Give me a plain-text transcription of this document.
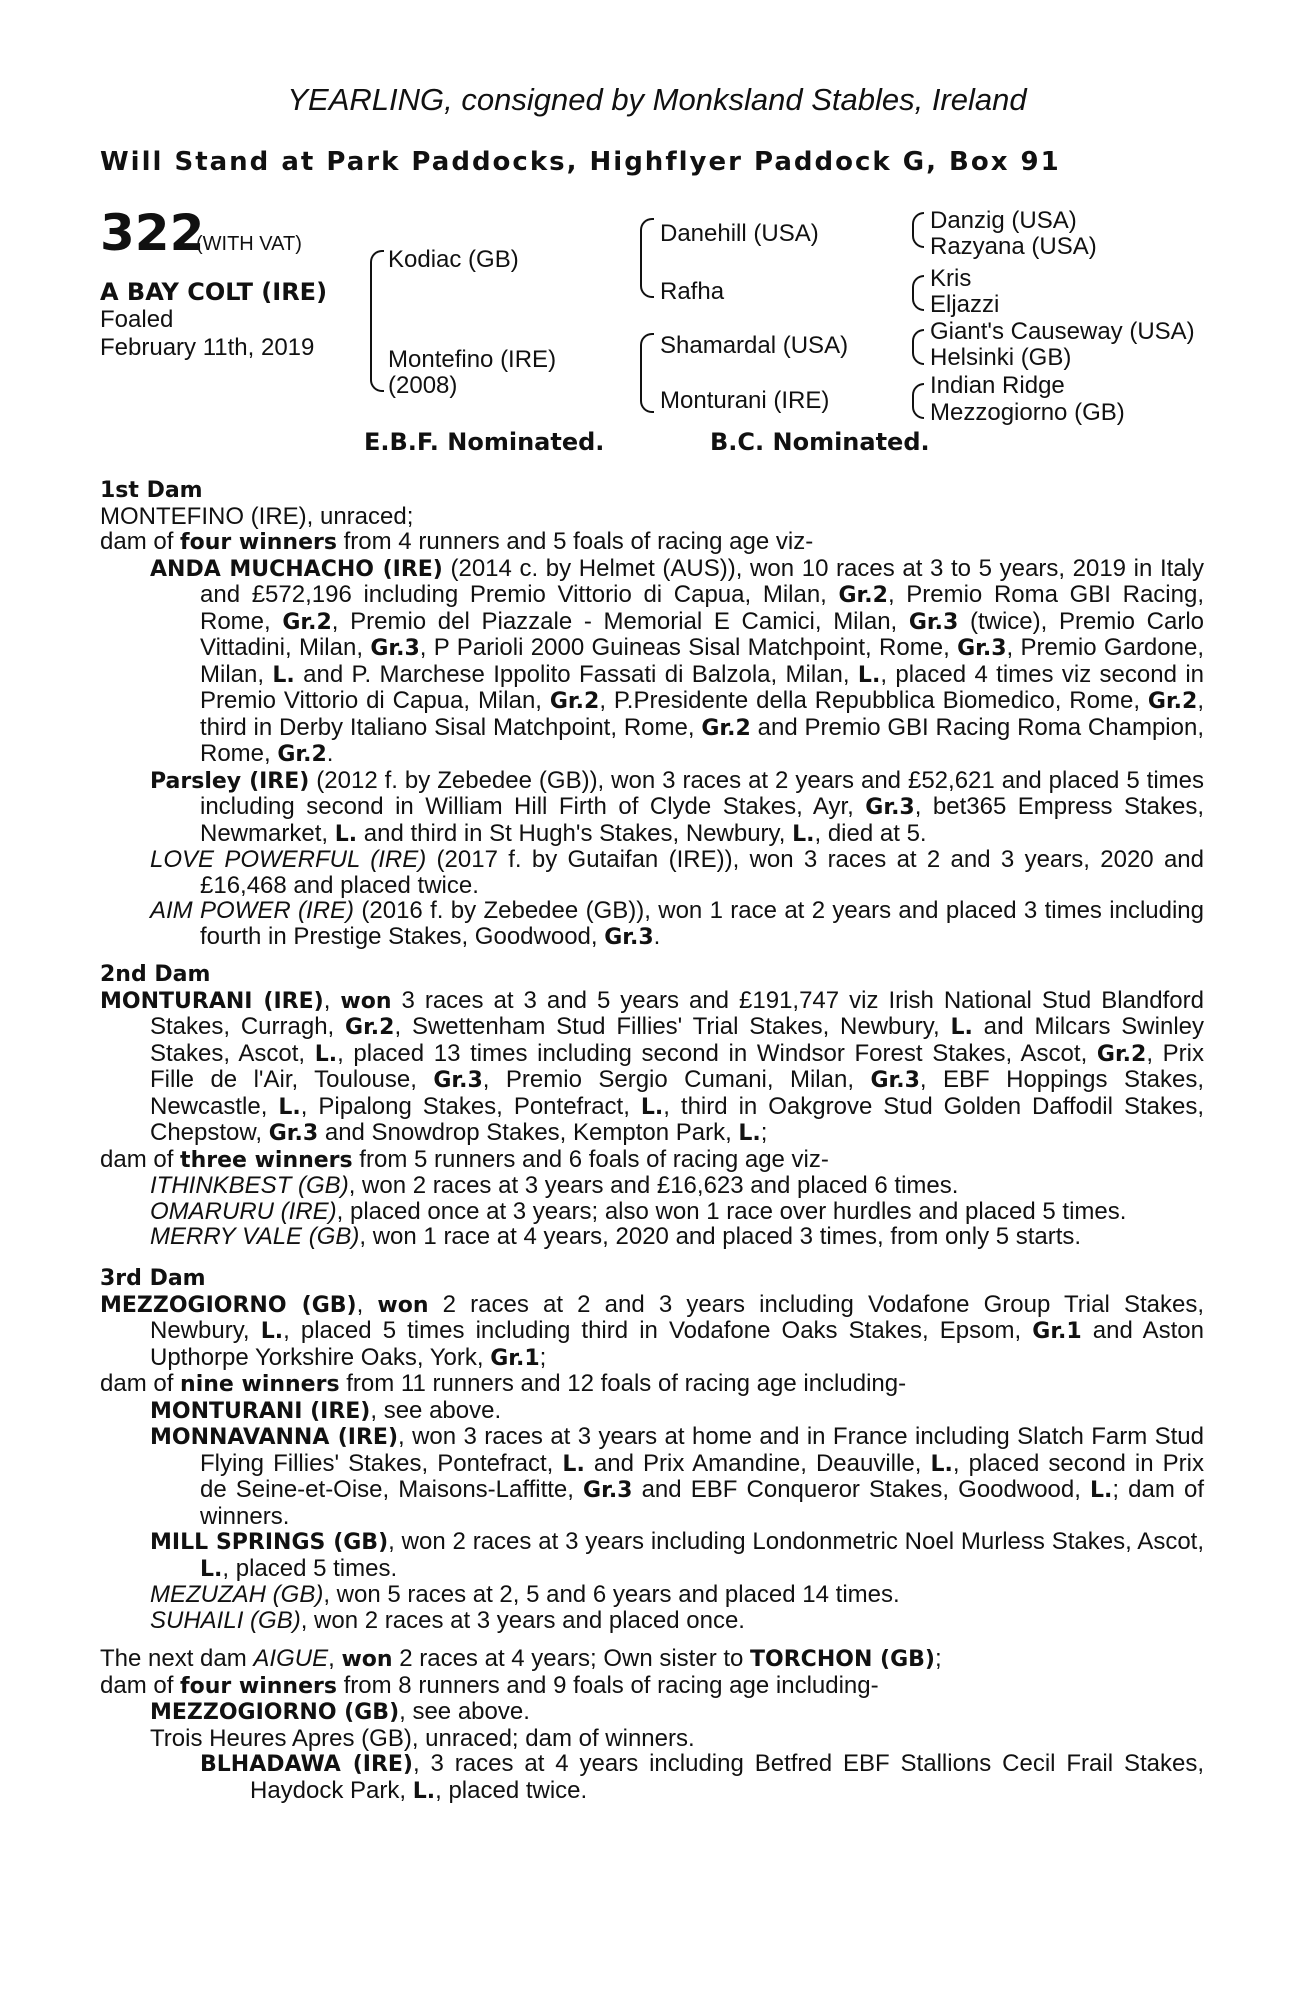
YEARLING, consigned by Monksland Stables, Ireland
Will Stand at Park Paddocks, Highflyer Paddock G, Box 91
322
(WITH VAT)
A BAY COLT (IRE)
Foaled
February 11th, 2019
Kodiac (GB)
Montefino (IRE)
(2008)
Danehill (USA)
Rafha
Shamardal (USA)
Monturani (IRE)
Danzig (USA)
Razyana (USA)
Kris
Eljazzi
Giant's Causeway (USA)
Helsinki (GB)
Indian Ridge
Mezzogiorno (GB)
E.B.F. Nominated.	B.C. Nominated.
1st Dam

MONTEFINO (IRE), unraced;

dam of four winners from 4 runners and 5 foals of racing age viz-

ANDA MUCHACHO (IRE) (2014 c. by Helmet (AUS)), won 10 races at 3 to 5 years, 2019 in Italy and £572,196 including Premio Vittorio di Capua, Milan, Gr.2, Premio Roma GBI Racing, Rome, Gr.2, Premio del Piazzale - Memorial E Camici, Milan, Gr.3 (twice), Premio Carlo Vittadini, Milan, Gr.3, P Parioli 2000 Guineas Sisal Matchpoint, Rome, Gr.3, Premio Gardone, Milan, L. and P. Marchese Ippolito Fassati di Balzola, Milan, L., placed 4 times viz second in Premio Vittorio di Capua, Milan, Gr.2, P.Presidente della Repubblica Biomedico, Rome, Gr.2, third in Derby Italiano Sisal Matchpoint, Rome, Gr.2 and Premio GBI Racing Roma Champion, Rome, Gr.2.

Parsley (IRE) (2012 f. by Zebedee (GB)), won 3 races at 2 years and £52,621 and placed 5 times including second in William Hill Firth of Clyde Stakes, Ayr, Gr.3, bet365 Empress Stakes, Newmarket, L. and third in St Hugh's Stakes, Newbury, L., died at 5.

LOVE POWERFUL (IRE) (2017 f. by Gutaifan (IRE)), won 3 races at 2 and 3 years, 2020 and £16,468 and placed twice.

AIM POWER (IRE) (2016 f. by Zebedee (GB)), won 1 race at 2 years and placed 3 times including fourth in Prestige Stakes, Goodwood, Gr.3.

2nd Dam

MONTURANI (IRE), won 3 races at 3 and 5 years and £191,747 viz Irish National Stud Blandford Stakes, Curragh, Gr.2, Swettenham Stud Fillies' Trial Stakes, Newbury, L. and Milcars Swinley Stakes, Ascot, L., placed 13 times including second in Windsor Forest Stakes, Ascot, Gr.2, Prix Fille de l'Air, Toulouse, Gr.3, Premio Sergio Cumani, Milan, Gr.3, EBF Hoppings Stakes, Newcastle, L., Pipalong Stakes, Pontefract, L., third in Oakgrove Stud Golden Daffodil Stakes, Chepstow, Gr.3 and Snowdrop Stakes, Kempton Park, L.;

dam of three winners from 5 runners and 6 foals of racing age viz-

ITHINKBEST (GB), won 2 races at 3 years and £16,623 and placed 6 times.

OMARURU (IRE), placed once at 3 years; also won 1 race over hurdles and placed 5 times.

MERRY VALE (GB), won 1 race at 4 years, 2020 and placed 3 times, from only 5 starts.

3rd Dam

MEZZOGIORNO (GB), won 2 races at 2 and 3 years including Vodafone Group Trial Stakes, Newbury, L., placed 5 times including third in Vodafone Oaks Stakes, Epsom, Gr.1 and Aston Upthorpe Yorkshire Oaks, York, Gr.1;

dam of nine winners from 11 runners and 12 foals of racing age including-

MONTURANI (IRE), see above.

MONNAVANNA (IRE), won 3 races at 3 years at home and in France including Slatch Farm Stud Flying Fillies' Stakes, Pontefract, L. and Prix Amandine, Deauville, L., placed second in Prix de Seine-et-Oise, Maisons-Laffitte, Gr.3 and EBF Conqueror Stakes, Goodwood, L.; dam of winners.

MILL SPRINGS (GB), won 2 races at 3 years including Londonmetric Noel Murless Stakes, Ascot, L., placed 5 times.

MEZUZAH (GB), won 5 races at 2, 5 and 6 years and placed 14 times.

SUHAILI (GB), won 2 races at 3 years and placed once.

The next dam AIGUE, won 2 races at 4 years; Own sister to TORCHON (GB);

dam of four winners from 8 runners and 9 foals of racing age including-

MEZZOGIORNO (GB), see above.

Trois Heures Apres (GB), unraced; dam of winners.

BLHADAWA (IRE), 3 races at 4 years including Betfred EBF Stallions Cecil Frail Stakes, Haydock Park, L., placed twice.
